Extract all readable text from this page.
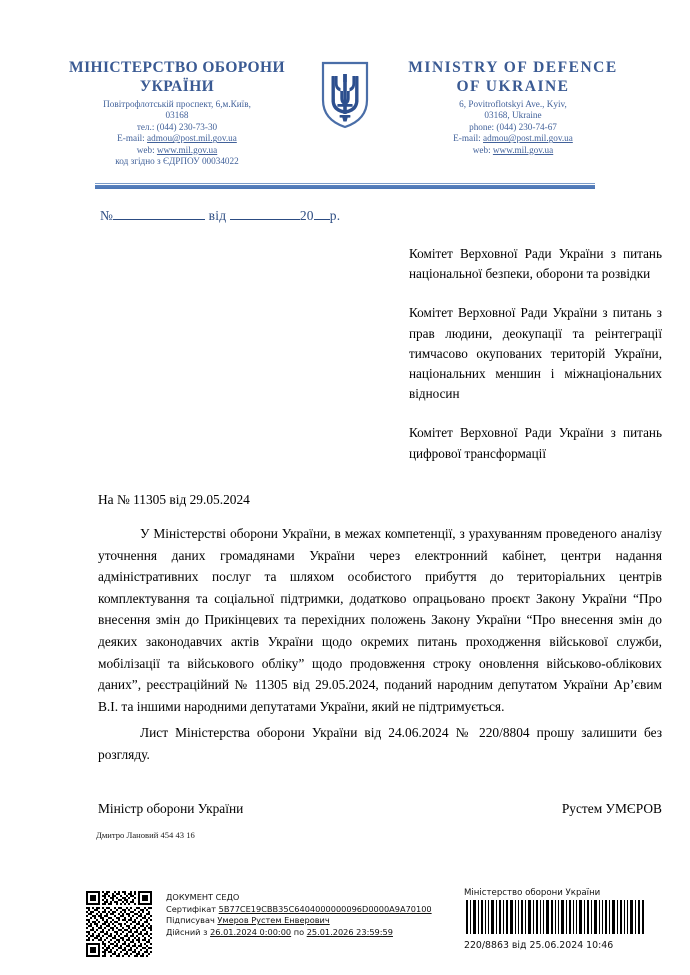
МІНІСТЕРСТВО ОБОРОНИ
УКРАЇНИ
Повітрофлотській проспект, 6,м.Київ,
03168
тел.: (044) 230-73-30
E-mail: admou@post.mil.gov.ua
web: www.mil.gov.ua
код згідно з ЄДРПОУ 00034022
MINISTRY OF DEFENCE
OF UKRAINE
6, Povitroflotskyi Ave., Kyiv,
03168, Ukraine
phone: (044) 230-74-67
E-mail: admou@post.mil.gov.ua
web: www.mil.gov.ua
№	від	20 р.
Комітет Верховної Ради України з питань національної безпеки, оборони та розвідки
Комітет Верховної Ради України з питань з прав людини, деокупації та реінтеграції тимчасово окупованих територій України, національних меншин і міжнаціональних відносин
Комітет Верховної Ради України з питань цифрової трансформації
На № 11305 від 29.05.2024

У Міністерстві оборони України, в межах компетенції, з урахуванням проведеного аналізу уточнення даних громадянами України через електронний кабінет, центри надання адміністративних послуг та шляхом особистого прибуття до територіальних центрів комплектування та соціальної підтримки, додатково опрацьовано проєкт Закону України “Про внесення змін до Прикінцевих та перехідних положень Закону України “Про внесення змін до деяких законодавчих актів України щодо окремих питань проходження військової служби, мобілізації та військового обліку” щодо продовження строку оновлення військово-облікових даних”, реєстраційний № 11305 від 29.05.2024, поданий народним депутатом України Ар’євим В.І. та іншими народними депутатами України, який не підтримується.

Лист Міністерства оборони України від 24.06.2024 № 220/8804 прошу залишити без розгляду.

Міністр оборони України	Рустем УМЄРОВ
Дмитро Лановий 454 43 16
ДОКУМЕНТ СЕДО
Сертифікат 5B77CE19CBB35C6404000000096D0000A9A70100
Підписувач Умеров Рустем Енверович
Дійсний з 26.01.2024 0:00:00 по 25.01.2026 23:59:59
Міністерство оборони України
220/8863 від 25.06.2024 10:46
